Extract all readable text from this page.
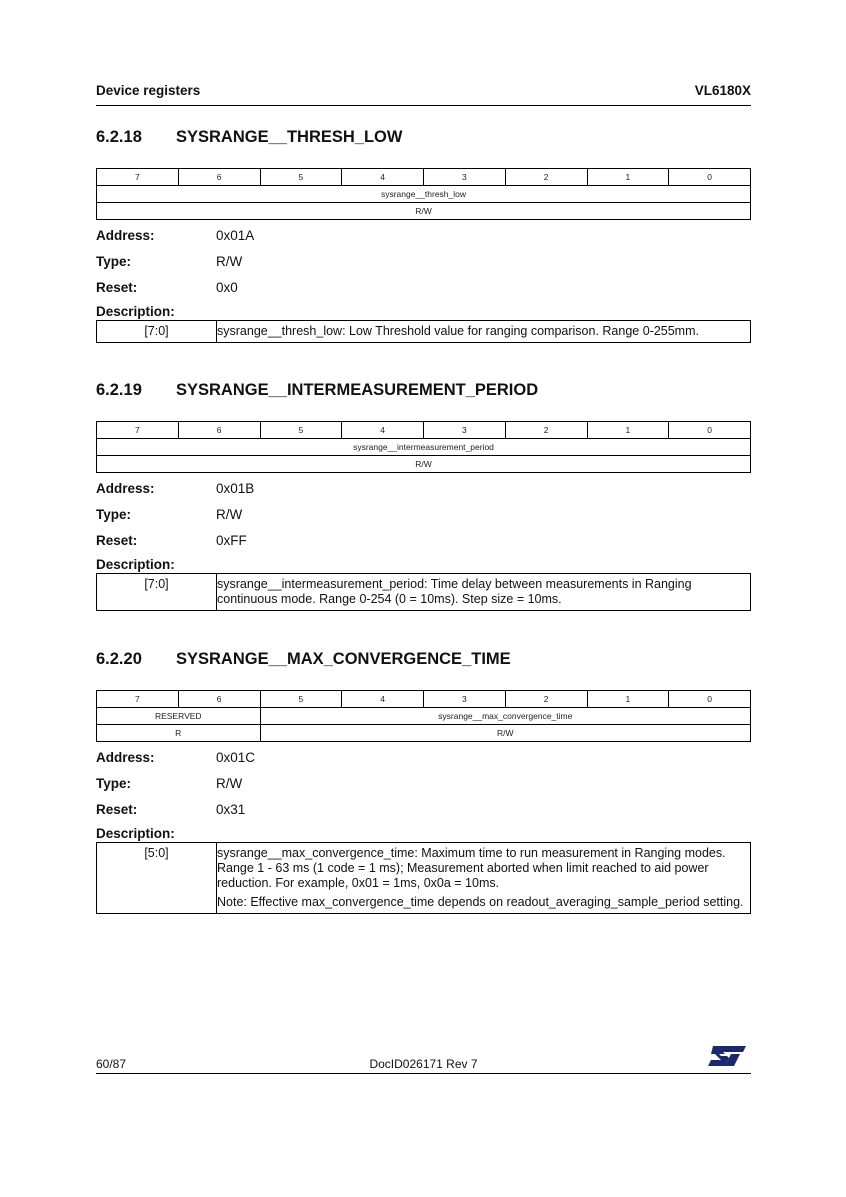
Device registers	VL6180X
6.2.18 SYSRANGE__THRESH_LOW
7	6	5	4	3	2	1	0
sysrange__thresh_low
R/W
Address:	0x01A
Type:	R/W
Reset:	0x0
Description:
[7:0]	sysrange__thresh_low: Low Threshold value for ranging comparison. Range 0-255mm.

6.2.19 SYSRANGE__INTERMEASUREMENT_PERIOD
7	6	5	4	3	2	1	0
sysrange__intermeasurement_period
R/W
Address:	0x01B
Type:	R/W
Reset:	0xFF
Description:
[7:0]	sysrange__intermeasurement_period: Time delay between measurements in Ranging continuous mode. Range 0-254 (0 = 10ms). Step size = 10ms.

6.2.20 SYSRANGE__MAX_CONVERGENCE_TIME
7	6	5	4	3	2	1	0
RESERVED		sysrange__max_convergence_time					
R		R/W					
Address:	0x01C
Type:	R/W
Reset:	0x31
Description:
[5:0]	sysrange__max_convergence_time: Maximum time to run measurement in Ranging modes. Range 1 - 63 ms (1 code = 1 ms); Measurement aborted when limit reached to aid power reduction. For example, 0x01 = 1ms, 0x0a = 10ms.

Note: Effective max_convergence_time depends on readout_averaging_sample_period setting.

60/87	DocID026171 Rev 7
